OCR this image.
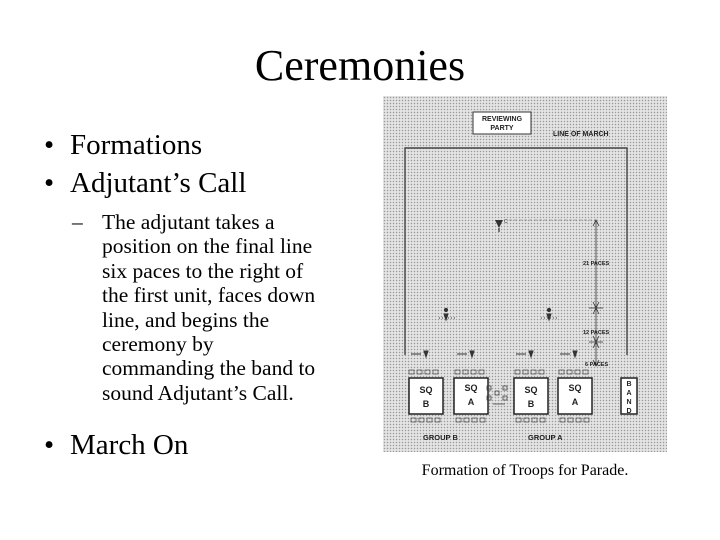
Ceremonies
• Formations
• Adjutant’s Call
– The adjutant takes a
position on the final line
six paces to the right of
the first unit, faces down
line, and begins the
ceremony by
commanding the band to
sound Adjutant’s Call.
• March On
REVIEWING
PARTY
LINE OF MARCH
C
21 PACES
12 PACES
6 PACES
SQ
B
SQ
A
SQ
B
SQ
A
B
A
N
D
GROUP B	GROUP A
Formation of Troops for Parade.
